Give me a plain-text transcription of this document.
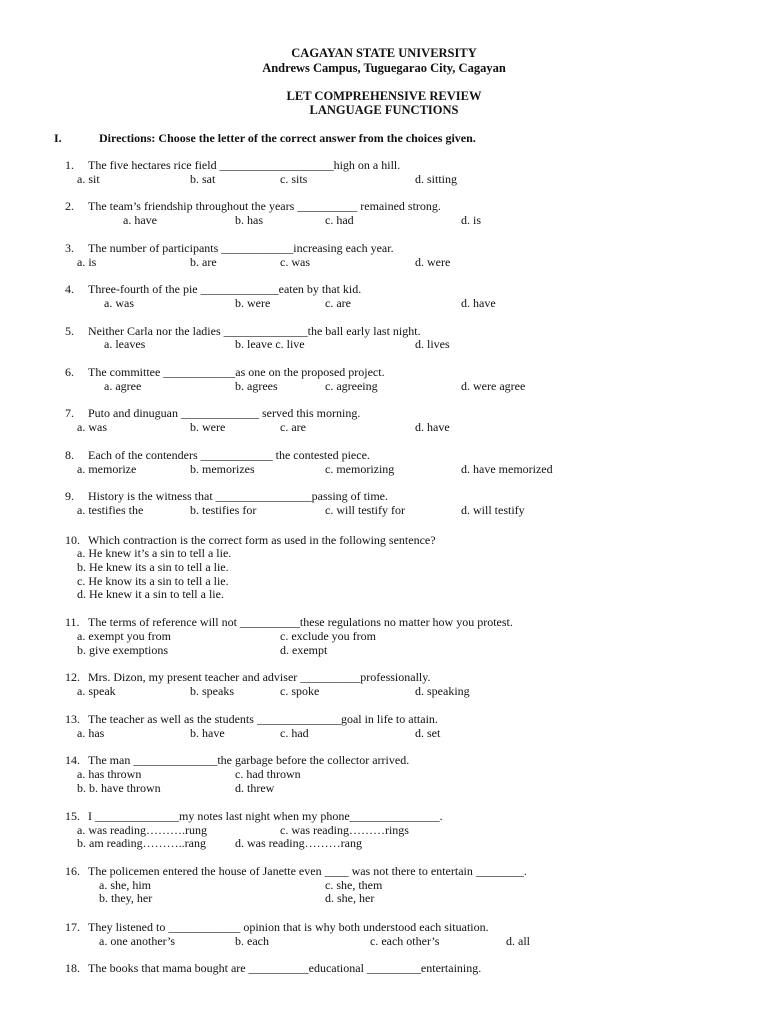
CAGAYAN STATE UNIVERSITY
Andrews Campus, Tuguegarao City, Cagayan
LET COMPREHENSIVE REVIEW
LANGUAGE FUNCTIONS
I.	Directions: Choose the letter of the correct answer from the choices given.
1. The five hectares rice field ___________________high on a hill.
a. sit	b. sat	c. sits	d. sitting
2. The team’s friendship throughout the years __________ remained strong.
a. have	b. has	c. had	d. is
3. The number of participants ____________increasing each year.
a. is	b. are	c. was	d. were
4. Three-fourth of the pie _____________eaten by that kid.
a. was	b. were	c. are	d. have
5. Neither Carla nor the ladies ______________the ball early last night.
a. leaves	b. leave c. live	d. lives
6. The committee ____________as one on the proposed project.
a. agree	b. agrees	c. agreeing	d. were agree
7. Puto and dinuguan _____________ served this morning.
a. was	b. were	c. are	d. have
8. Each of the contenders ____________ the contested piece.
a. memorize	b. memorizes	c. memorizing	d. have memorized
9. History is the witness that ________________passing of time.
a. testifies the	b. testifies for	c. will testify for	d. will testify
10. Which contraction is the correct form as used in the following sentence?
a. He knew it’s a sin to tell a lie.
b. He knew its a sin to tell a lie.
c. He know its a sin to tell a lie.
d. He knew it a sin to tell a lie.
11. The terms of reference will not __________these regulations no matter how you protest.
a. exempt you from	c. exclude you from
b. give exemptions	d. exempt
12. Mrs. Dizon, my present teacher and adviser __________professionally.
a. speak	b. speaks	c. spoke	d. speaking
13. The teacher as well as the students ______________goal in life to attain.
a. has	b. have	c. had	d. set
14. The man ______________the garbage before the collector arrived.
a. has thrown	c. had thrown
b. b. have thrown	d. threw
15. I ______________my notes last night when my phone_______________.
a. was reading……….rung	c. was reading………rings
b. am reading………..rang d. was reading………rang
16. The policemen entered the house of Janette even ____ was not there to entertain ________.
a. she, him	c. she, them
b. they, her	d. she, her
17. They listened to ____________ opinion that is why both understood each situation.
a. one another’s	b. each	c. each other’s	d. all
18. The books that mama bought are __________educational _________entertaining.
